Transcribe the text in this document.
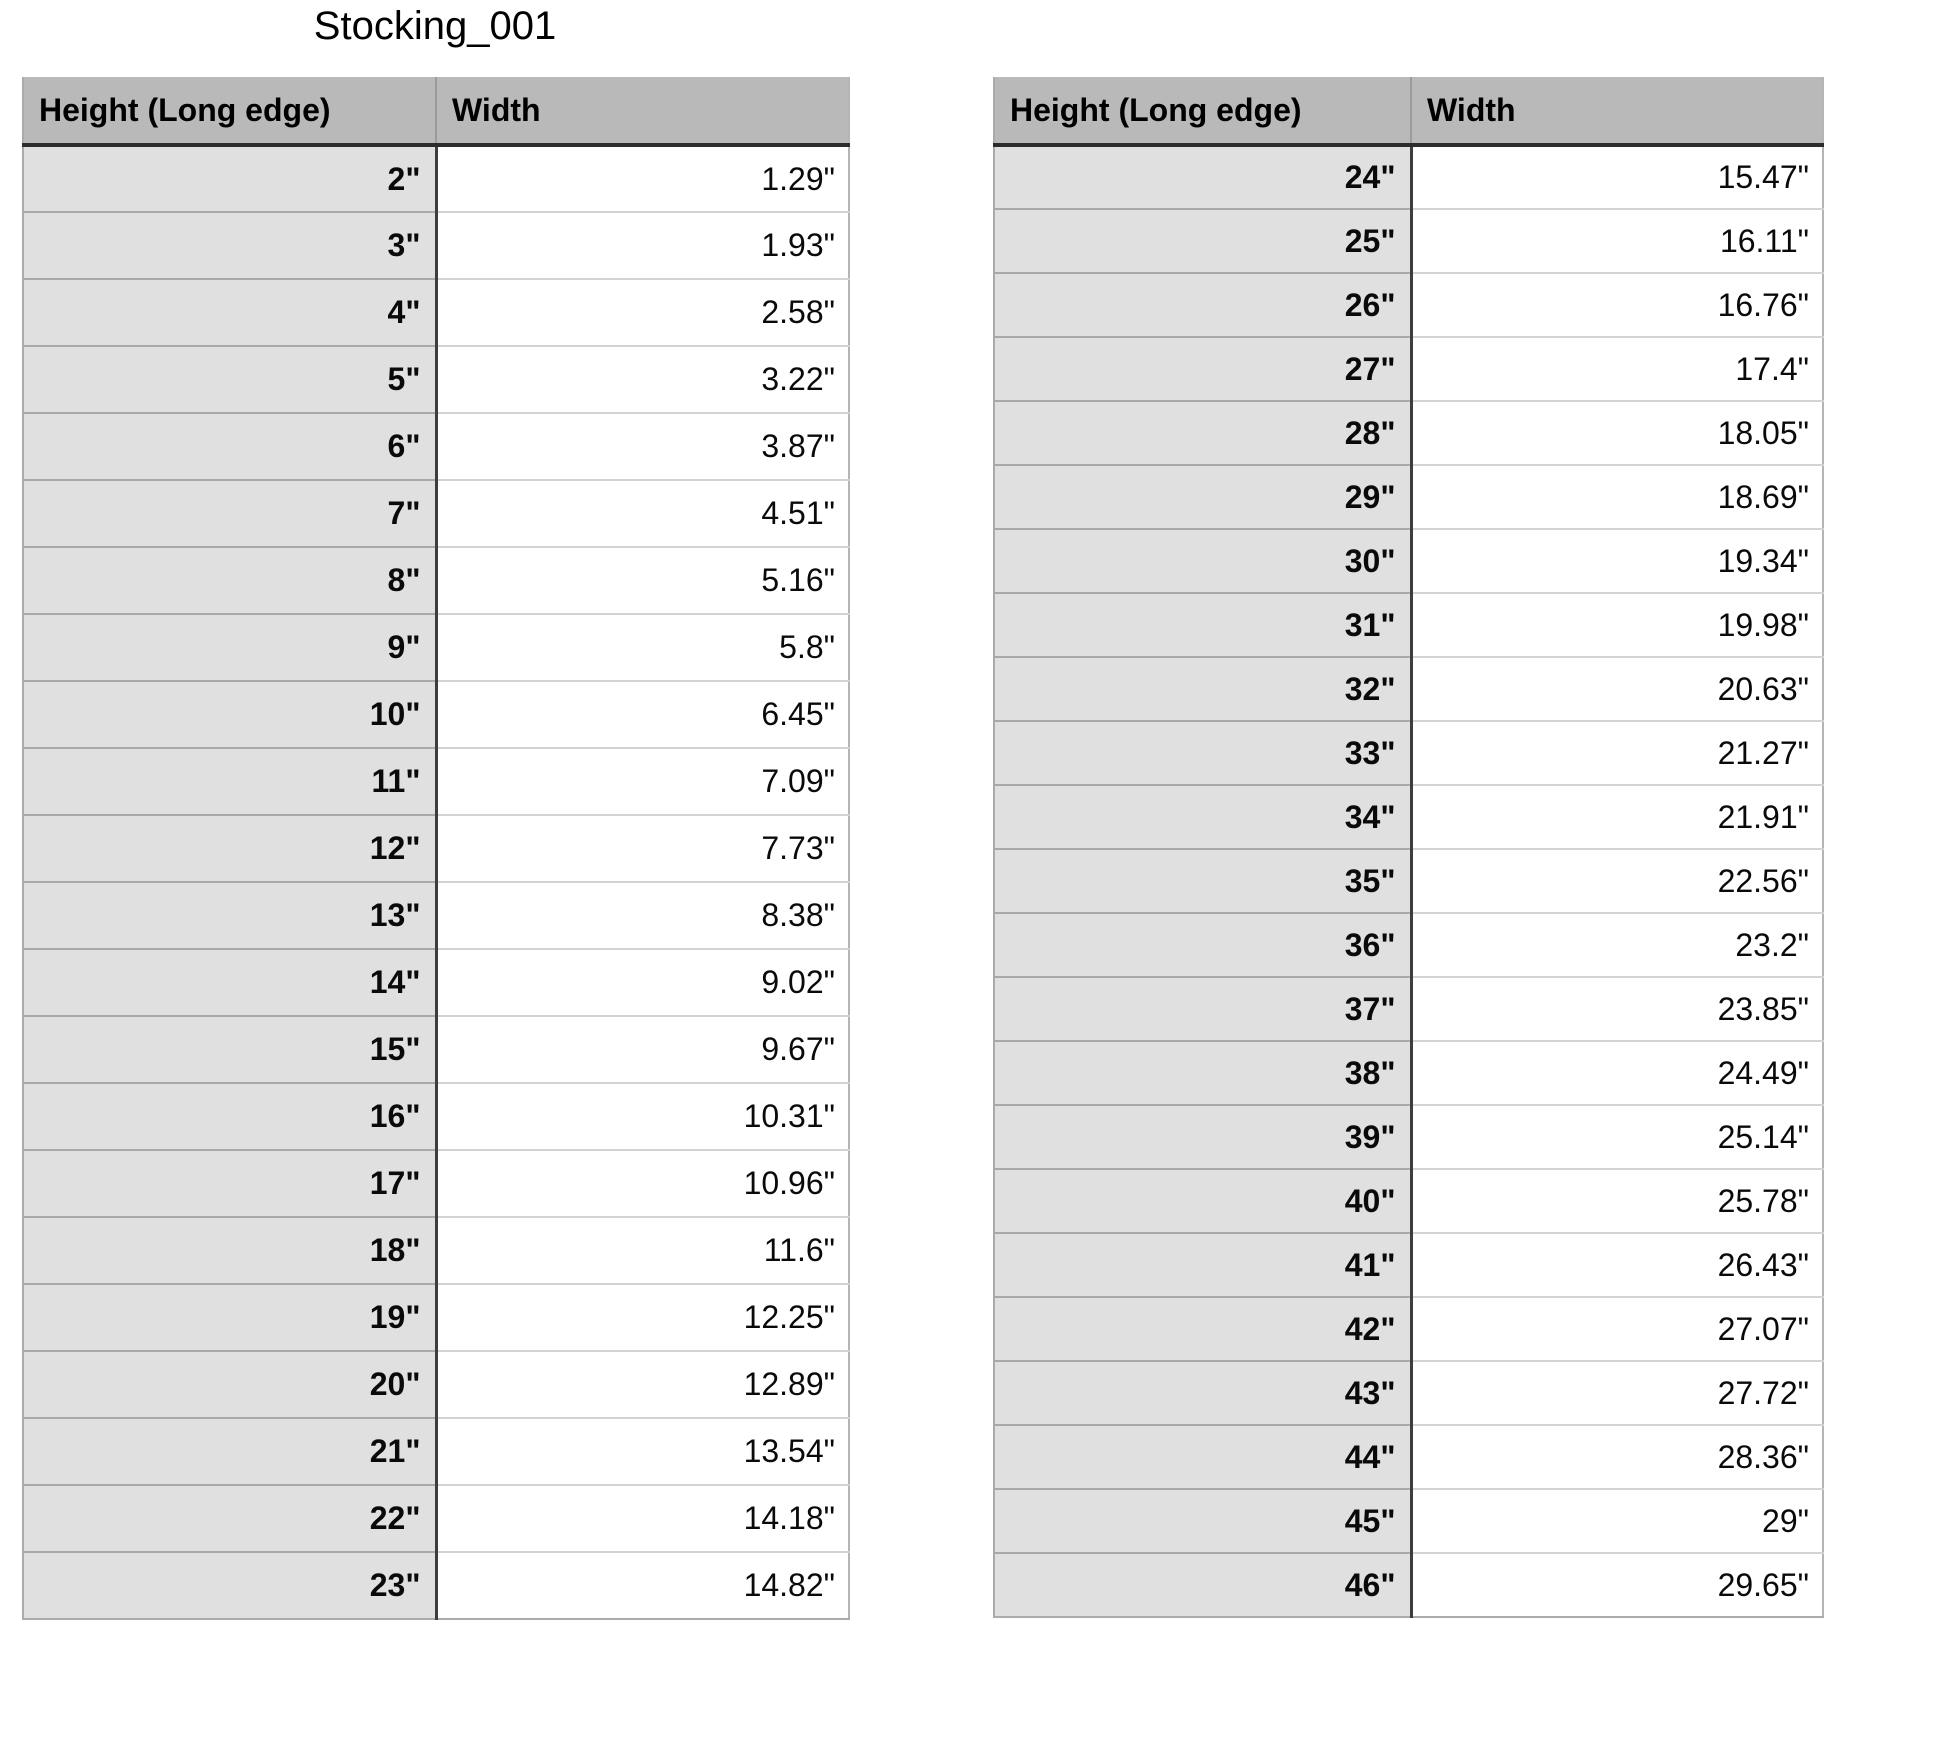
Stocking_001
Height (Long edge)	Width
2"	1.29"
3"	1.93"
4"	2.58"
5"	3.22"
6"	3.87"
7"	4.51"
8"	5.16"
9"	5.8"
10"	6.45"
11"	7.09"
12"	7.73"
13"	8.38"
14"	9.02"
15"	9.67"
16"	10.31"
17"	10.96"
18"	11.6"
19"	12.25"
20"	12.89"
21"	13.54"
22"	14.18"
23"	14.82"
Height (Long edge)	Width
24"	15.47"
25"	16.11"
26"	16.76"
27"	17.4"
28"	18.05"
29"	18.69"
30"	19.34"
31"	19.98"
32"	20.63"
33"	21.27"
34"	21.91"
35"	22.56"
36"	23.2"
37"	23.85"
38"	24.49"
39"	25.14"
40"	25.78"
41"	26.43"
42"	27.07"
43"	27.72"
44"	28.36"
45"	29"
46"	29.65"
